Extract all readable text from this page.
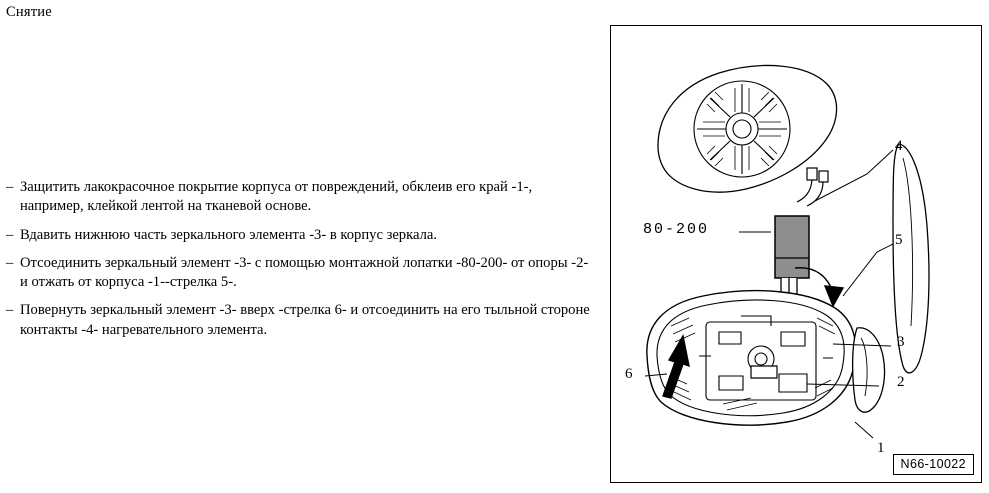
Снятие
– Защитить лакокрасочное покрытие корпуса от повреждений, обклеив его край -1-, например, клейкой лентой на тканевой основе.
– Вдавить нижнюю часть зеркального элемента -3- в корпус зеркала.
– Отсоединить зеркальный элемент -3- с помощью монтажной лопатки -80-200- от опоры -2- и отжать от корпуса -1--стрелка 5-.
– Повернуть зеркальный элемент -3- вверх -стрелка 6- и отсоединить на его тыльной стороне контакты -4- нагревательного элемента.
80-200
4
5
3
2
1
6
N66-10022
